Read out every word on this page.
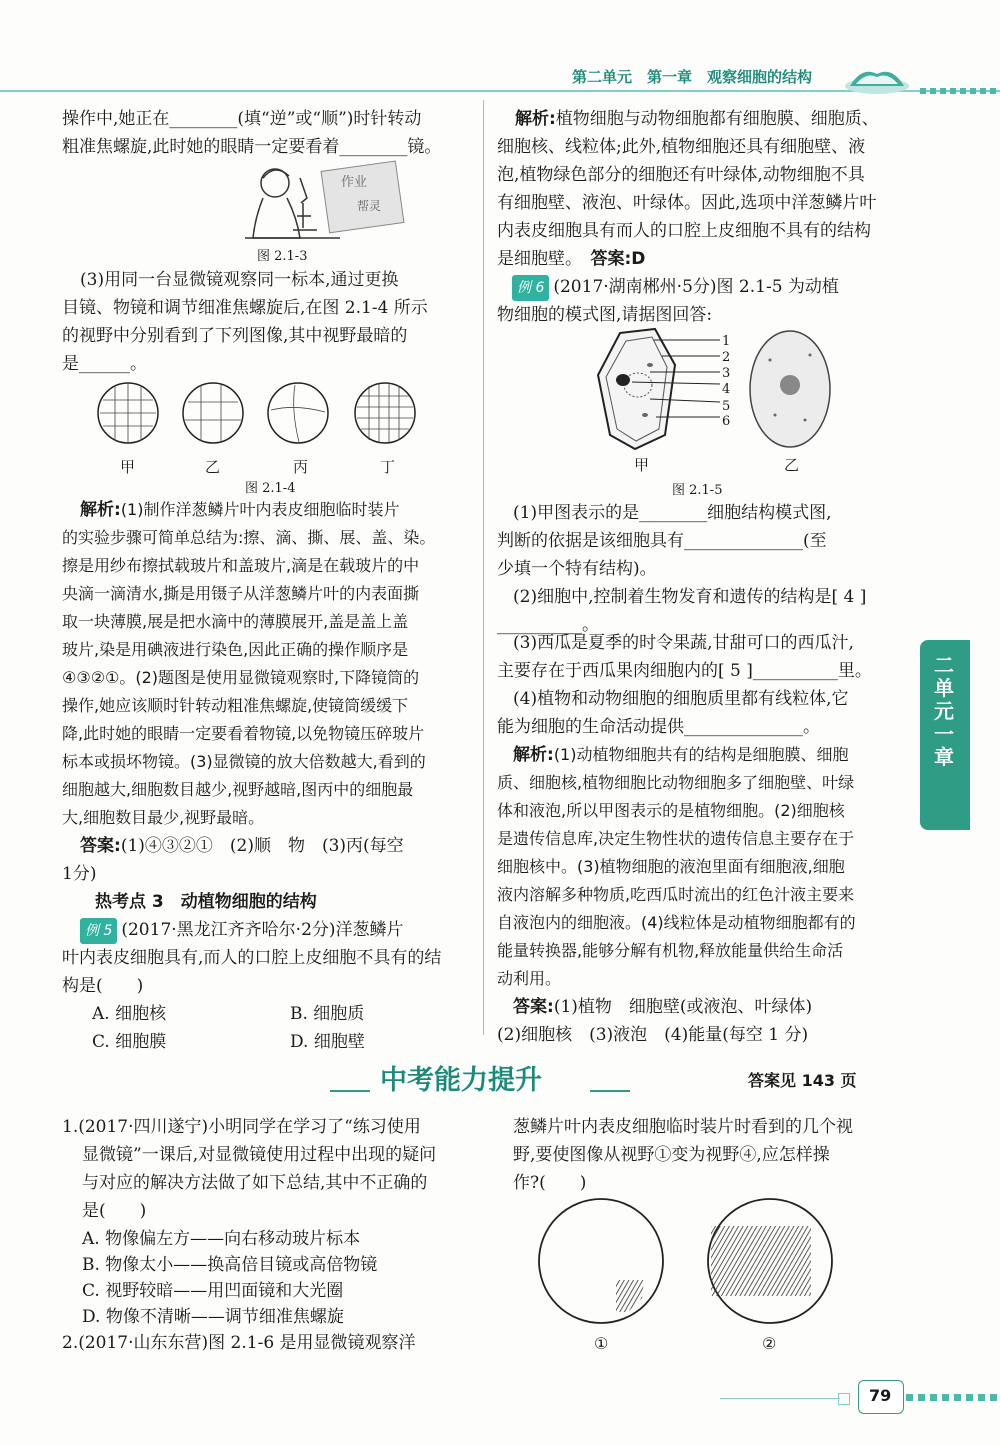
第二单元　第一章　观察细胞的结构
二单元　一章
操作中,她正在________(填“逆”或“顺”)时针转动
粗准焦螺旋,此时她的眼睛一定要看着________镜。
作业
帮灵
图 2.1-3
(3)用同一台显微镜观察同一标本,通过更换
目镜、物镜和调节细准焦螺旋后,在图 2.1-4 所示
的视野中分别看到了下列图像,其中视野最暗的
是______。
甲	乙	丙	丁
图 2.1-4
解析:(1)制作洋葱鳞片叶内表皮细胞临时装片
的实验步骤可简单总结为:擦、滴、撕、展、盖、染。
擦是用纱布擦拭载玻片和盖玻片,滴是在载玻片的中
央滴一滴清水,撕是用镊子从洋葱鳞片叶的内表面撕
取一块薄膜,展是把水滴中的薄膜展开,盖是盖上盖
玻片,染是用碘液进行染色,因此正确的操作顺序是
④③②①。(2)题图是使用显微镜观察时,下降镜筒的
操作,她应该顺时针转动粗准焦螺旋,使镜筒缓缓下
降,此时她的眼睛一定要看着物镜,以免物镜压碎玻片
标本或损坏物镜。(3)显微镜的放大倍数越大,看到的
细胞越大,细胞数目越少,视野越暗,图丙中的细胞最
大,细胞数目最少,视野最暗。
答案:(1)④③②①　(2)顺　物　(3)丙(每空
1分)
热考点 3　动植物细胞的结构
例 5 (2017·黑龙江齐齐哈尔·2分)洋葱鳞片
叶内表皮细胞具有,而人的口腔上皮细胞不具有的结
构是(　　)
A. 细胞核	B. 细胞质
C. 细胞膜	D. 细胞壁
解析:植物细胞与动物细胞都有细胞膜、细胞质、
细胞核、线粒体;此外,植物细胞还具有细胞壁、液
泡,植物绿色部分的细胞还有叶绿体,动物细胞不具
有细胞壁、液泡、叶绿体。因此,选项中洋葱鳞片叶
内表皮细胞具有而人的口腔上皮细胞不具有的结构
是细胞壁。　 答案:D
例 6 (2017·湖南郴州·5分)图 2.1-5 为动植
物细胞的模式图,请据图回答:
1
2
3
4
5
6
甲	乙
图 2.1-5
(1)甲图表示的是________细胞结构模式图,
判断的依据是该细胞具有______________(至
少填一个特有结构)。
(2)细胞中,控制着生物发育和遗传的结构是[ 4 ]
__________。
(3)西瓜是夏季的时令果蔬,甘甜可口的西瓜汁,
主要存在于西瓜果肉细胞内的[ 5 ]__________里。
(4)植物和动物细胞的细胞质里都有线粒体,它
能为细胞的生命活动提供______________。
解析:(1)动植物细胞共有的结构是细胞膜、细胞
质、细胞核,植物细胞比动物细胞多了细胞壁、叶绿
体和液泡,所以甲图表示的是植物细胞。(2)细胞核
是遗传信息库,决定生物性状的遗传信息主要存在于
细胞核中。(3)植物细胞的液泡里面有细胞液,细胞
液内溶解多种物质,吃西瓜时流出的红色汁液主要来
自液泡内的细胞液。(4)线粒体是动植物细胞都有的
能量转换器,能够分解有机物,释放能量供给生命活
动利用。
答案:(1)植物　细胞壁(或液泡、叶绿体)
(2)细胞核　(3)液泡　(4)能量(每空 1 分)
中考能力提升	答案见 143 页
1.(2017·四川遂宁)小明同学在学习了“练习使用
显微镜”一课后,对显微镜使用过程中出现的疑问
与对应的解决方法做了如下总结,其中不正确的
是(　　)
A. 物像偏左方——向右移动玻片标本
B. 物像太小——换高倍目镜或高倍物镜
C. 视野较暗——用凹面镜和大光圈
D. 物像不清晰——调节细准焦螺旋
2.(2017·山东东营)图 2.1-6 是用显微镜观察洋
葱鳞片叶内表皮细胞临时装片时看到的几个视
野,要使图像从视野①变为视野④,应怎样操
作?(　　)
①	②
79
